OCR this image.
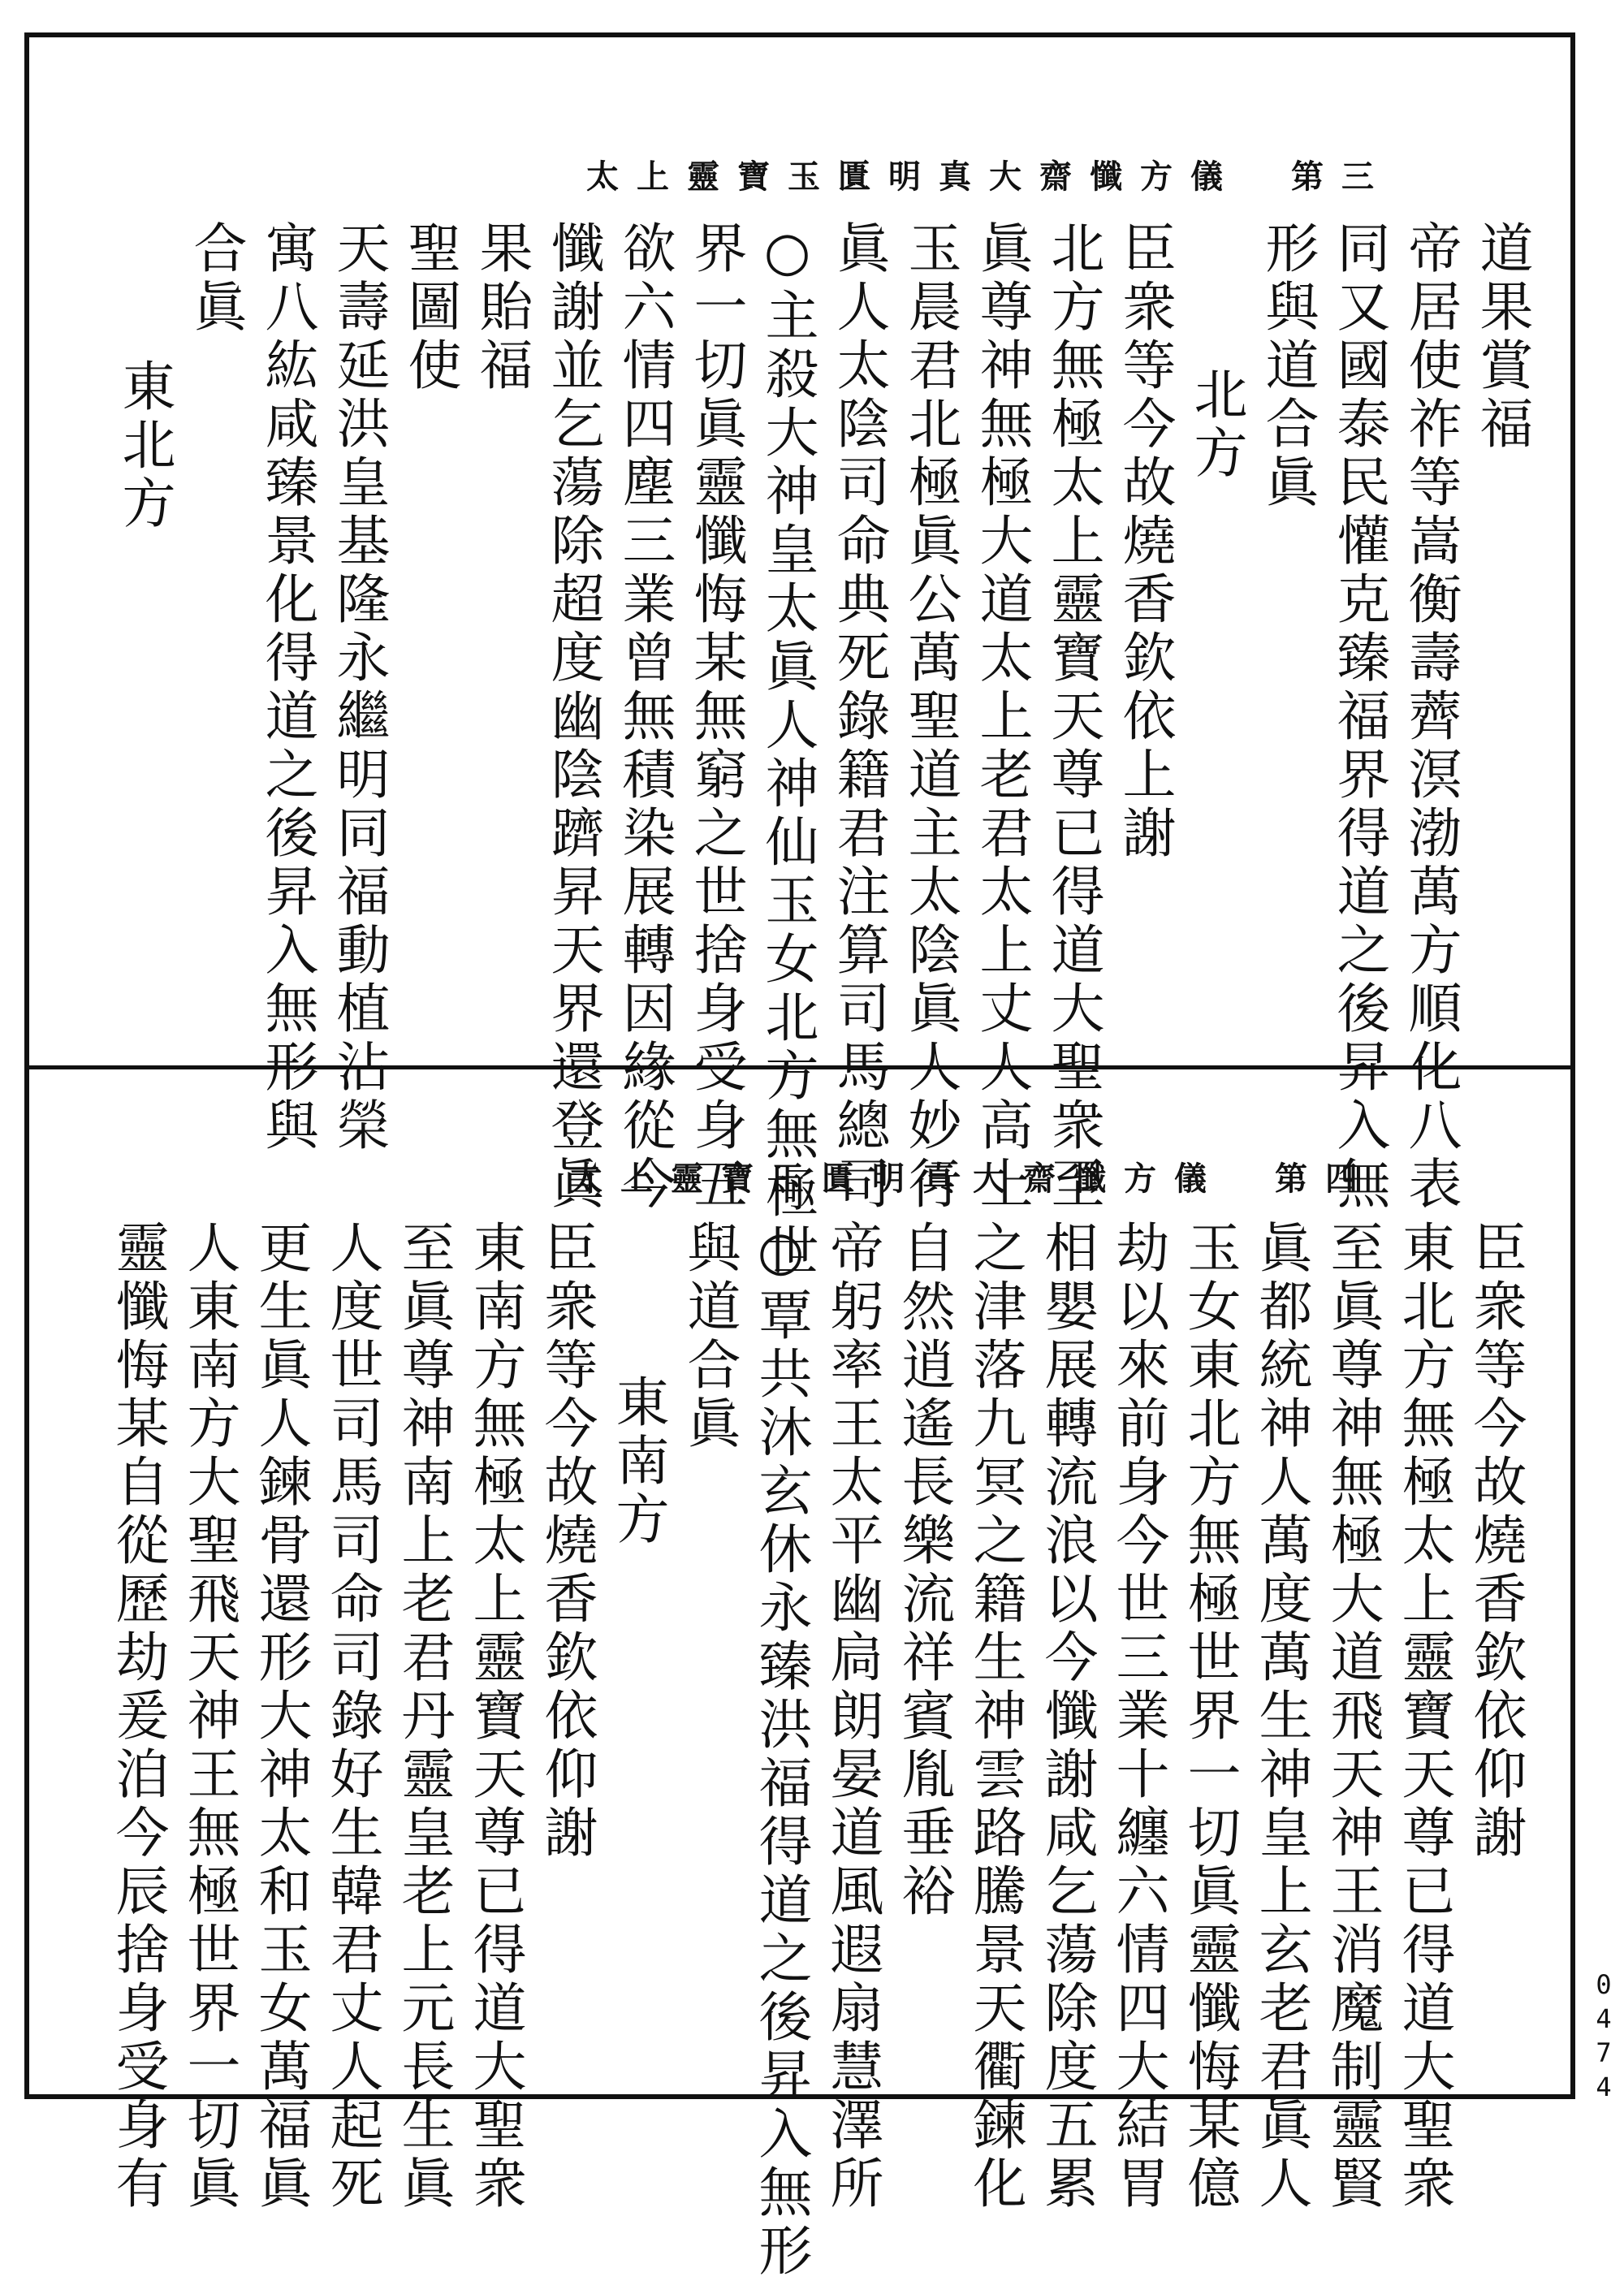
太上靈寶玉匱明真大齋懺方儀　第三
道果賞福
帝居使祚等嵩衡壽薺溟渤萬方順化八表
同又國泰民懽克臻福界得道之後昇入無
形與道合眞
北方
臣衆等今故燒香欽依上謝
北方無極太上靈寶天尊已得道大聖衆至
眞尊神無極大道太上老君太上丈人高上
玉晨君北極眞公萬聖道主太陰眞人妙行
眞人太陰司命典死錄籍君注算司馬總司
○主殺大神皇太眞人神仙玉女北方無極世
界一切眞靈懺悔某無窮之世捨身受身五
欲六情四塵三業曾無積染展轉因緣從今
懺謝並乞蕩除超度幽陰躋昇天界還登眞
果貽福
聖圖使
天壽延洪皇基隆永繼明同福動植沾榮
寓八紘咸臻景化得道之後昇入無形與
合眞
東北方
太上靈寶玉匱明真大齋懺方儀　第四
臣衆等今故燒香欽依仰謝
東北方無極太上靈寶天尊已得道大聖衆
至眞尊神無極大道飛天神王消魔制靈賢
眞都統神人萬度萬生神皇上玄老君眞人
玉女東北方無極世界一切眞靈懺悔某億
劫以來前身今世三業十纏六情四大結胃
相嬰展轉流浪以今懺謝咸乞蕩除度五累
之津落九冥之籍生神雲路騰景天衢鍊化
自然逍遙長樂流祥賓胤垂裕
帝躬率王太平幽扃朗晏道風遐扇慧澤所
○覃共沐玄休永臻洪福得道之後昇入無形
與道合眞
東南方
臣衆等今故燒香欽依仰謝
東南方無極太上靈寶天尊已得道大聖衆
至眞尊神南上老君丹靈皇老上元長生眞
人度世司馬司命司錄好生韓君丈人起死
更生眞人鍊骨還形大神太和玉女萬福眞
人東南方大聖飛天神王無極世界一切眞
靈懺悔某自從歷劫爰洎今辰捨身受身有	0474
